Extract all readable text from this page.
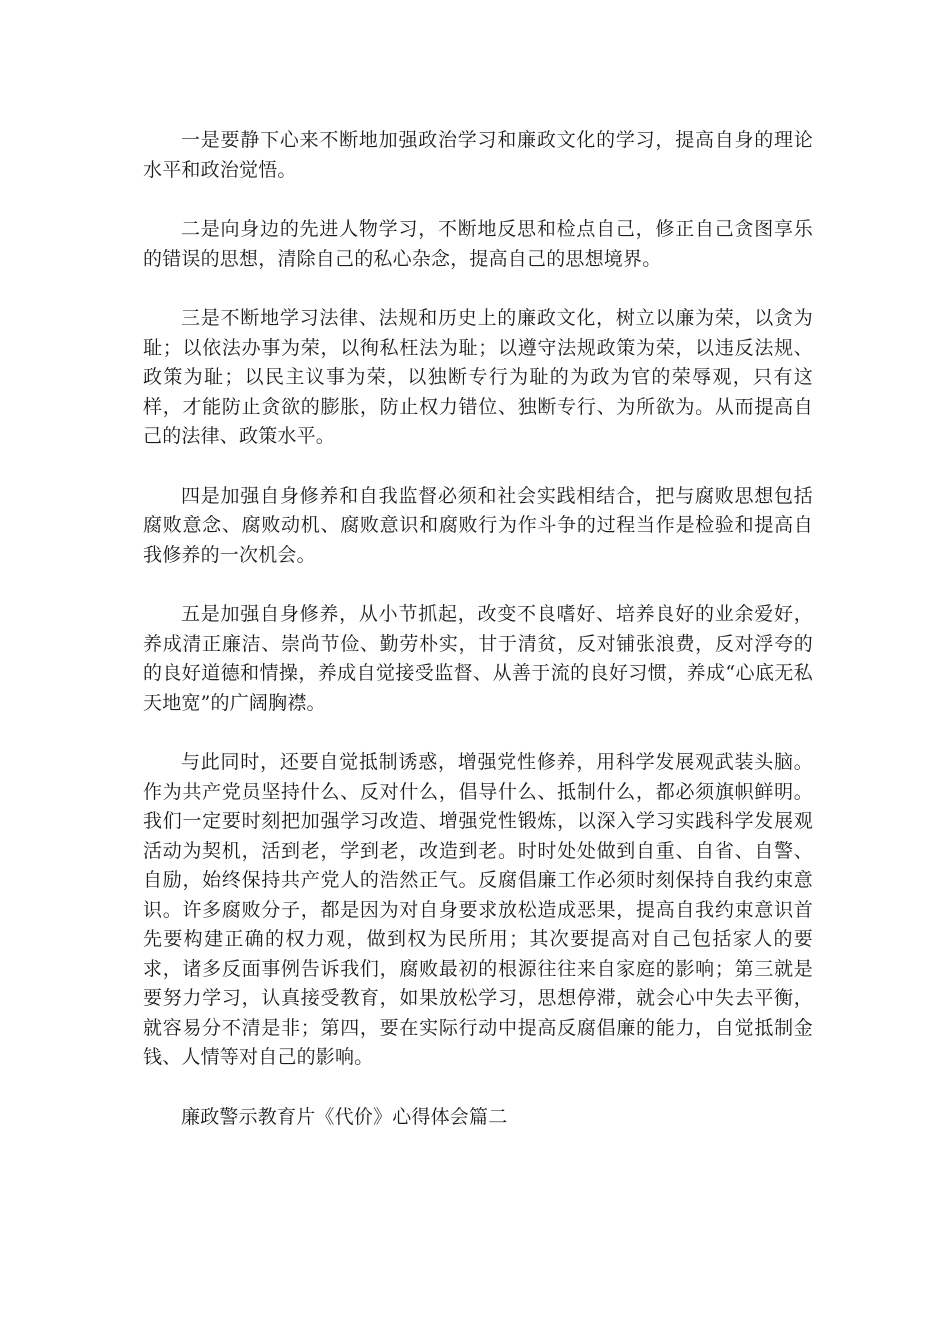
一是要静下心来不断地加强政治学习和廉政文化的学习，提高自身的理论水平和政治觉悟。

二是向身边的先进人物学习，不断地反思和检点自己，修正自己贪图享乐的错误的思想，清除自己的私心杂念，提高自己的思想境界。

三是不断地学习法律、法规和历史上的廉政文化，树立以廉为荣，以贪为耻；以依法办事为荣，以徇私枉法为耻；以遵守法规政策为荣，以违反法规、政策为耻；以民主议事为荣，以独断专行为耻的为政为官的荣辱观，只有这样，才能防止贪欲的膨胀，防止权力错位、独断专行、为所欲为。从而提高自己的法律、政策水平。

四是加强自身修养和自我监督必须和社会实践相结合，把与腐败思想包括腐败意念、腐败动机、腐败意识和腐败行为作斗争的过程当作是检验和提高自我修养的一次机会。

五是加强自身修养，从小节抓起，改变不良嗜好、培养良好的业余爱好，养成清正廉洁、崇尚节俭、勤劳朴实，甘于清贫，反对铺张浪费，反对浮夸的的良好道德和情操，养成自觉接受监督、从善于流的良好习惯，养成“心底无私天地宽”的广阔胸襟。

与此同时，还要自觉抵制诱惑，增强党性修养，用科学发展观武装头脑。作为共产党员坚持什么、反对什么，倡导什么、抵制什么，都必须旗帜鲜明。我们一定要时刻把加强学习改造、增强党性锻炼，以深入学习实践科学发展观活动为契机，活到老，学到老，改造到老。时时处处做到自重、自省、自警、自励，始终保持共产党人的浩然正气。反腐倡廉工作必须时刻保持自我约束意识。许多腐败分子，都是因为对自身要求放松造成恶果，提高自我约束意识首先要构建正确的权力观，做到权为民所用；其次要提高对自己包括家人的要求，诸多反面事例告诉我们，腐败最初的根源往往来自家庭的影响；第三就是要努力学习，认真接受教育，如果放松学习，思想停滞，就会心中失去平衡，就容易分不清是非；第四，要在实际行动中提高反腐倡廉的能力，自觉抵制金钱、人情等对自己的影响。

廉政警示教育片《代价》心得体会篇二
